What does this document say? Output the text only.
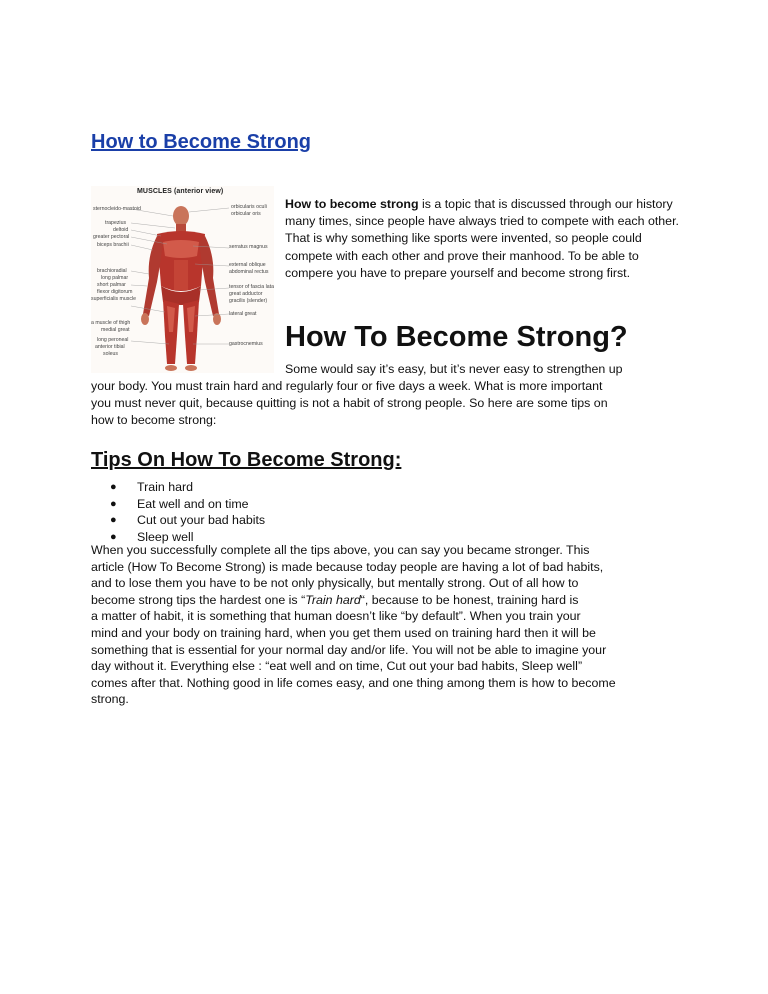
How to Become Strong
MUSCLES (anterior view)
sternocleido-mastoid
trapezius
deltoid
greater pectoral
biceps brachii
brachioradial
long palmar
short palmar
flexor digitorum
superficialis muscle
a muscle of thigh
medial great
long peroneal
anterior tibial
soleus
orbicularis oculi
orbicular oris
serratus magnus
external oblique
abdominal rectus
tensor of fascia lata
great adductor
gracilis (slender)
lateral great
gastrocnemius

How to become strong is a topic that is discussed through our history many times, since people have always tried to compete with each other. That is why something like sports were invented, so people could compete with each other and prove their manhood. To be able to compere you have to prepare yourself and become strong first.

How To Become Strong?

Some would say it’s easy, but it’s never easy to strengthen up

your body. You must train hard and regularly four or five days a week. What is more important

you must never quit, because quitting is not a habit of strong people. So here are some tips on

how to become strong:

Tips On How To Become Strong:
● Train hard
● Eat well and on time
● Cut out your bad habits
● Sleep well

When you successfully complete all the tips above, you can say you became stronger. This

article (How To Become Strong) is made because today people are having a lot of bad habits,

and to lose them you have to be not only physically, but mentally strong. Out of all how to

become strong tips the hardest one is “Train hard“, because to be honest, training hard is

a matter of habit, it is something that human doesn’t like “by default”. When you train your

mind and your body on training hard, when you get them used on training hard then it will be

something that is essential for your normal day and/or life. You will not be able to imagine your

day without it. Everything else : “eat well and on time, Cut out your bad habits, Sleep well”

comes after that. Nothing good in life comes easy, and one thing among them is how to become

strong.
